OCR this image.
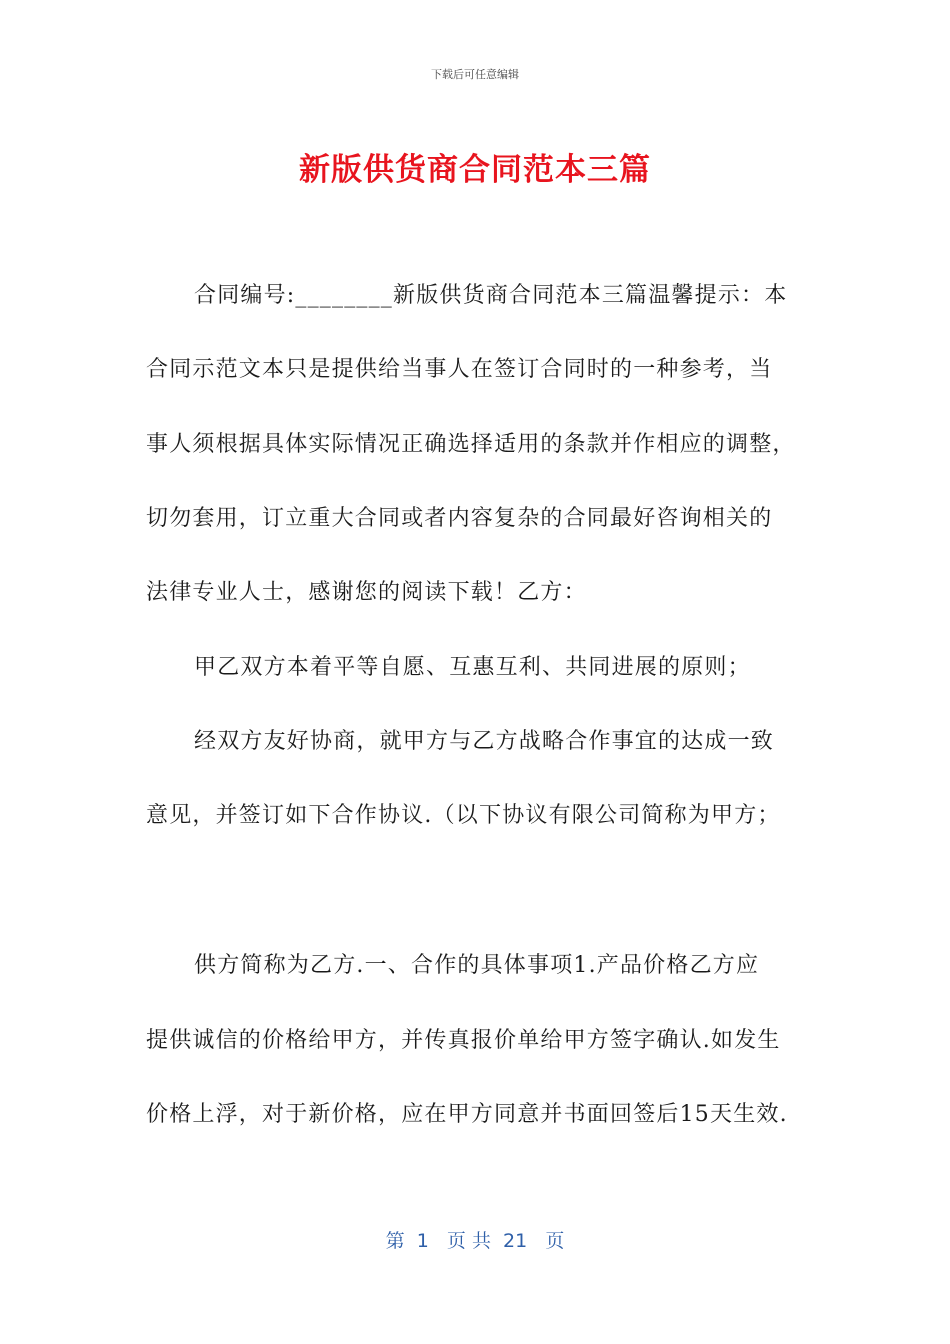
下载后可任意编辑
新版供货商合同范本三篇
合同编号:________新版供货商合同范本三篇温馨提示：本
合同示范文本只是提供给当事人在签订合同时的一种参考，当
事人须根据具体实际情况正确选择适用的条款并作相应的调整，
切勿套用，订立重大合同或者内容复杂的合同最好咨询相关的
法律专业人士，感谢您的阅读下载！乙方：
甲乙双方本着平等自愿、互惠互利、共同进展的原则；
经双方友好协商，就甲方与乙方战略合作事宜的达成一致
意见，并签订如下合作协议.（以下协议有限公司简称为甲方；
供方简称为乙方.一、合作的具体事项1.产品价格乙方应
提供诚信的价格给甲方，并传真报价单给甲方签字确认.如发生
价格上浮，对于新价格，应在甲方同意并书面回签后15天生效.
第  1   页 共  21   页
